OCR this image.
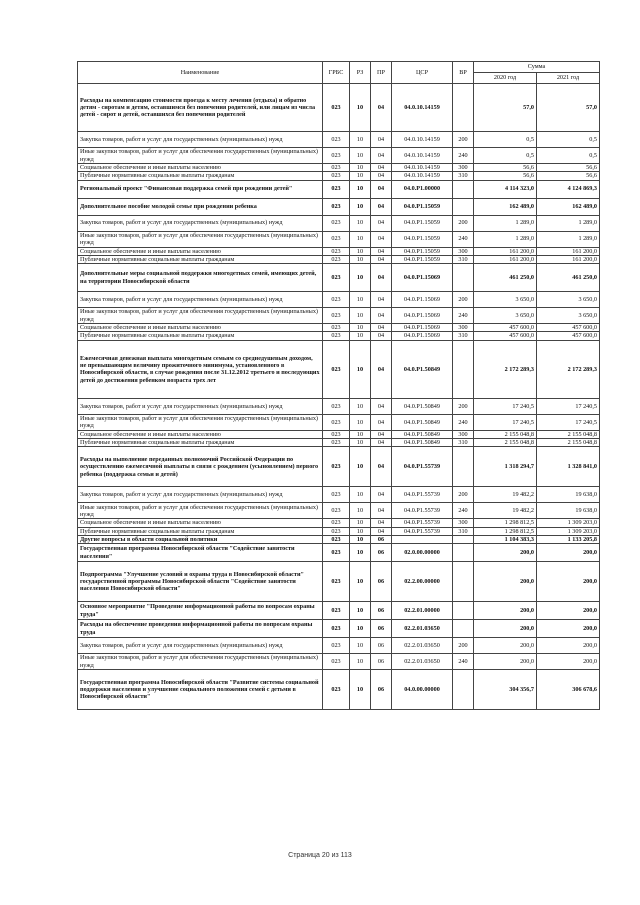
Наименование	ГРБС	РЗ	ПР	ЦСР	ВР	Сумма	
						2020 год	2021 год
Расходы на компенсацию стоимости проезда к месту лечения (отдыха) и обратно детям - сиротам и детям, оставшимся без попечения родителей, или лицам из числа детей - сирот и детей, оставшихся без попечения родителей	023	10	04	04.0.10.14159		57,0	57,0
Закупка товаров, работ и услуг для государственных (муниципальных) нужд	023	10	04	04.0.10.14159	200	0,5	0,5
Иные закупки товаров, работ и услуг для обеспечения государственных (муниципальных) нужд	023	10	04	04.0.10.14159	240	0,5	0,5
Социальное обеспечение и иные выплаты населению	023	10	04	04.0.10.14159	300	56,6	56,6
Публичные нормативные социальные выплаты гражданам	023	10	04	04.0.10.14159	310	56,6	56,6
Региональный проект "Финансовая поддержка семей при рождении детей"	023	10	04	04.0.P1.00000		4 114 323,0	4 124 869,3
Дополнительное пособие молодой семье при рождении ребенка	023	10	04	04.0.P1.15059		162 489,0	162 489,0
Закупка товаров, работ и услуг для государственных (муниципальных) нужд	023	10	04	04.0.P1.15059	200	1 289,0	1 289,0
Иные закупки товаров, работ и услуг для обеспечения государственных (муниципальных) нужд	023	10	04	04.0.P1.15059	240	1 289,0	1 289,0
Социальное обеспечение и иные выплаты населению	023	10	04	04.0.P1.15059	300	161 200,0	161 200,0
Публичные нормативные социальные выплаты гражданам	023	10	04	04.0.P1.15059	310	161 200,0	161 200,0
Дополнительные меры социальной поддержки многодетных семей, имеющих детей, на территории Новосибирской области	023	10	04	04.0.P1.15069		461 250,0	461 250,0
Закупка товаров, работ и услуг для государственных (муниципальных) нужд	023	10	04	04.0.P1.15069	200	3 650,0	3 650,0
Иные закупки товаров, работ и услуг для обеспечения государственных (муниципальных) нужд	023	10	04	04.0.P1.15069	240	3 650,0	3 650,0
Социальное обеспечение и иные выплаты населению	023	10	04	04.0.P1.15069	300	457 600,0	457 600,0
Публичные нормативные социальные выплаты гражданам	023	10	04	04.0.P1.15069	310	457 600,0	457 600,0
Ежемесячная денежная выплата многодетным семьям со среднедушевым доходом, не превышающим величину прожиточного минимума, установленного в Новосибирской области, в случае рождения после 31.12.2012 третьего и последующих детей до достижения ребенком возраста трех лет	023	10	04	04.0.P1.50849		2 172 289,3	2 172 289,3
Закупка товаров, работ и услуг для государственных (муниципальных) нужд	023	10	04	04.0.P1.50849	200	17 240,5	17 240,5
Иные закупки товаров, работ и услуг для обеспечения государственных (муниципальных) нужд	023	10	04	04.0.P1.50849	240	17 240,5	17 240,5
Социальное обеспечение и иные выплаты населению	023	10	04	04.0.P1.50849	300	2 155 048,8	2 155 048,8
Публичные нормативные социальные выплаты гражданам	023	10	04	04.0.P1.50849	310	2 155 048,8	2 155 048,8
Расходы на выполнение переданных полномочий Российской Федерации по осуществлению ежемесячной выплаты в связи с рождением (усыновлением) первого ребенка (поддержка семьи и детей)	023	10	04	04.0.P1.55739		1 318 294,7	1 328 841,0
Закупка товаров, работ и услуг для государственных (муниципальных) нужд	023	10	04	04.0.P1.55739	200	19 482,2	19 638,0
Иные закупки товаров, работ и услуг для обеспечения государственных (муниципальных) нужд	023	10	04	04.0.P1.55739	240	19 482,2	19 638,0
Социальное обеспечение и иные выплаты населению	023	10	04	04.0.P1.55739	300	1 298 812,5	1 309 203,0
Публичные нормативные социальные выплаты гражданам	023	10	04	04.0.P1.55739	310	1 298 812,5	1 309 203,0
Другие вопросы в области социальной политики	023	10	06			1 104 383,3	1 133 205,8
Государственная программа Новосибирской области "Содействие занятости населения"	023	10	06	02.0.00.00000		200,0	200,0
Подпрограмма "Улучшение условий и охраны труда в Новосибирской области" государственной программы Новосибирской области "Содействие занятости населения Новосибирской области"	023	10	06	02.2.00.00000		200,0	200,0
Основное мероприятие "Проведение информационной работы по вопросам охраны труда"	023	10	06	02.2.01.00000		200,0	200,0
Расходы на обеспечение проведения информационной работы по вопросам охраны труда	023	10	06	02.2.01.03650		200,0	200,0
Закупка товаров, работ и услуг для государственных (муниципальных) нужд	023	10	06	02.2.01.03650	200	200,0	200,0
Иные закупки товаров, работ и услуг для обеспечения государственных (муниципальных) нужд	023	10	06	02.2.01.03650	240	200,0	200,0
Государственная программа Новосибирской области "Развитие системы социальной поддержки населения и улучшение социального положения семей с детьми в Новосибирской области"	023	10	06	04.0.00.00000		304 356,7	306 678,6
Страница 20 из 113
